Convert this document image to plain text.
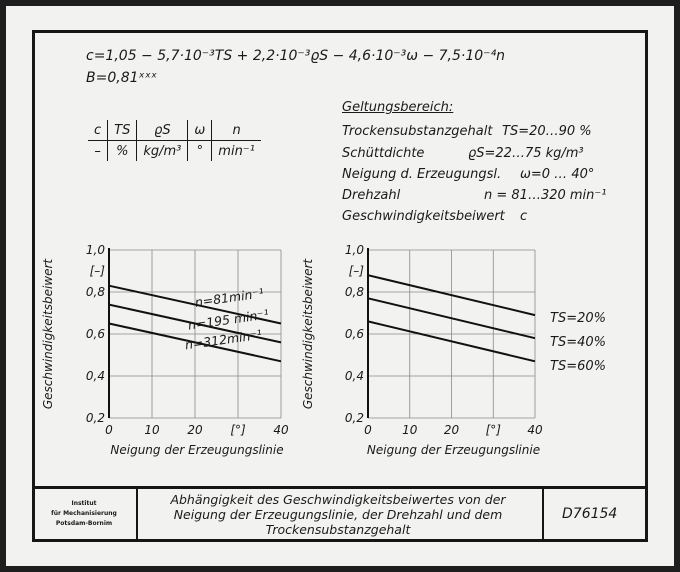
c=1,05 − 5,7·10⁻³TS + 2,2·10⁻³ϱS − 4,6·10⁻³ω − 7,5·10⁻⁴n
B=0,81ˣˣˣ
c	TS	ϱS	ω	n
–	%	kg/m³	°	min⁻¹
Geltungsbereich:
Trockensubstanzgehalt TS=20…90 %
Schüttdichte	ϱS=22…75 kg/m³
Neigung d. Erzeugungsl. ω=0 … 40°
Drehzahl	n = 81…320 min⁻¹
Geschwindigkeitsbeiwert c
0,2
0,4
0,6
0,8
1,0
[–]
0	10 20 [°] 40
Neigung der Erzeugungslinie
Geschwindigkeitsbeiwert	n=81min⁻¹
n=195 min⁻¹
n=312min⁻¹
0,2
0,4
0,6
0,8
1,0
[–]
0	10 20 [°] 40
Neigung der Erzeugungslinie
Geschwindigkeitsbeiwert	TS=20%
TS=40%
TS=60%
Institut
für Mechanisierung
Potsdam-Bornim
Abhängigkeit des Geschwindigkeitsbeiwertes von der
Neigung der Erzeugungslinie, der Drehzahl und dem
Trockensubstanzgehalt
D76154
